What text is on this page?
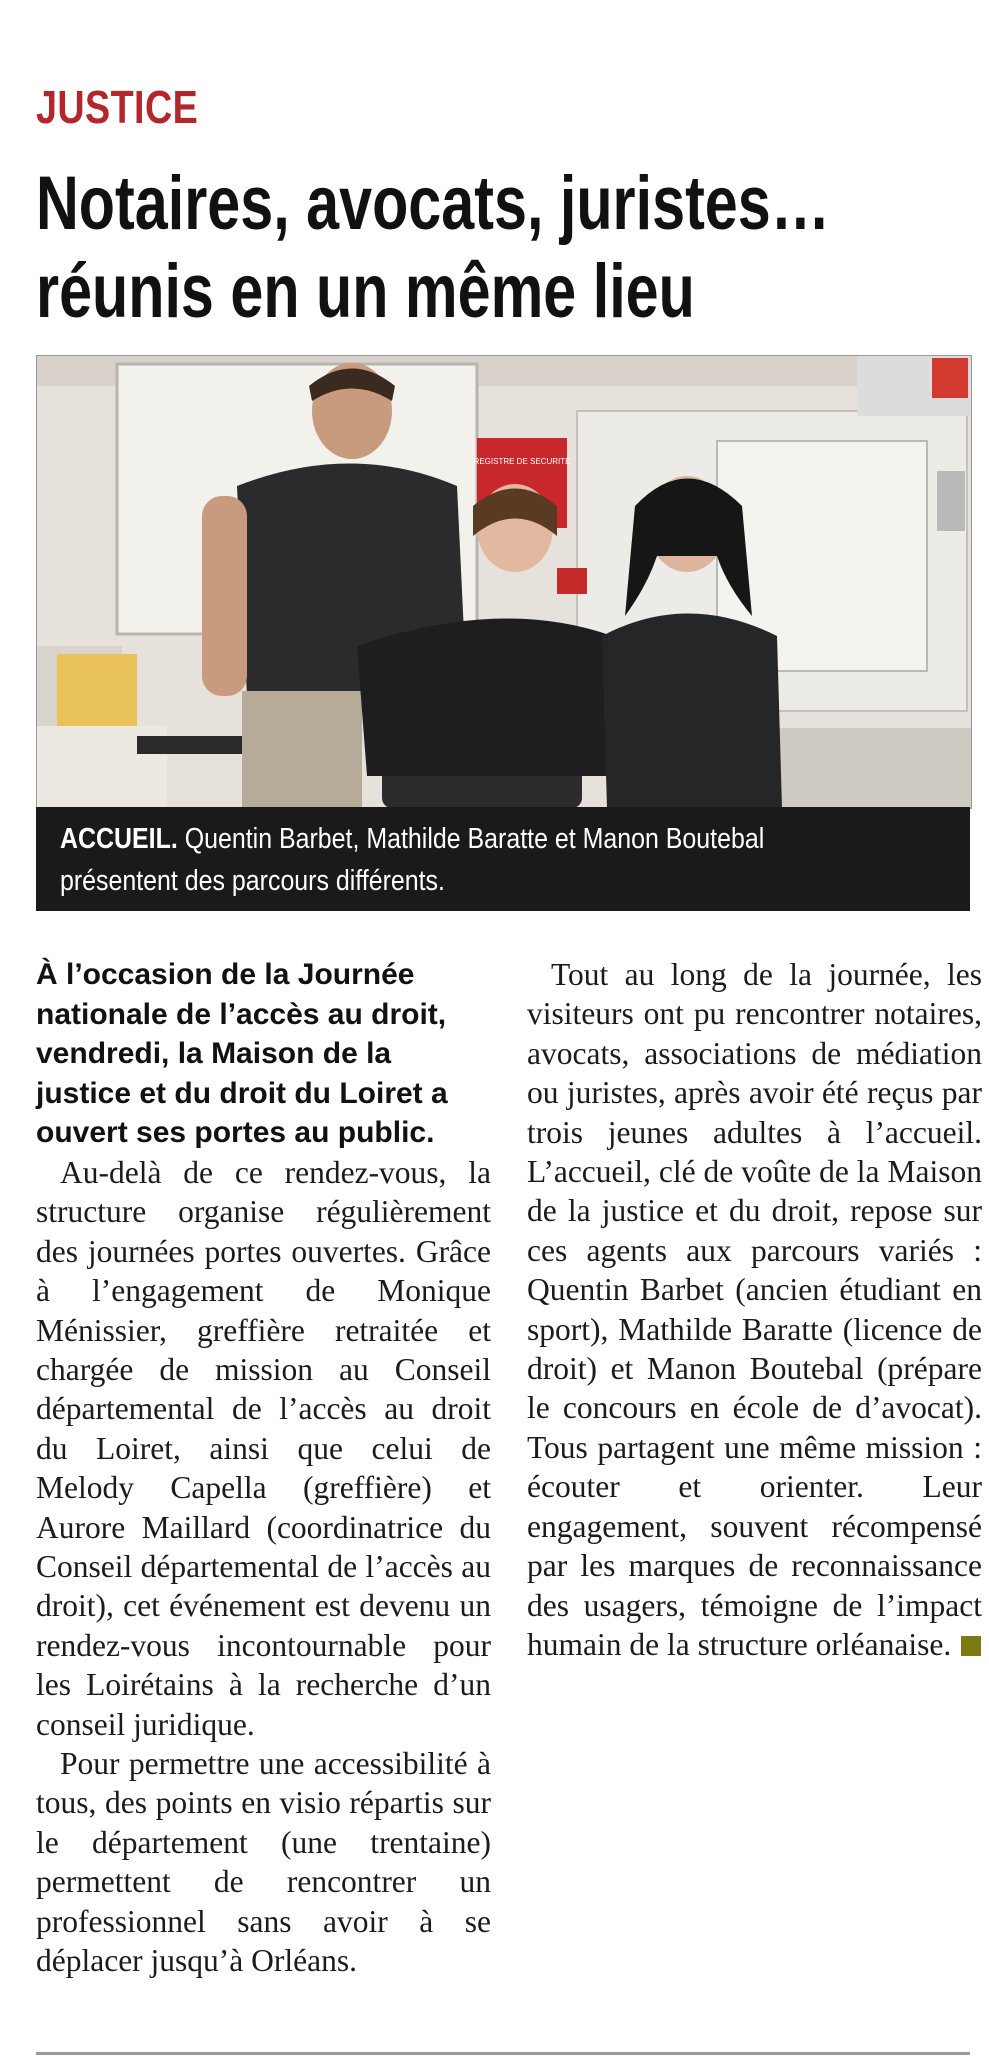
JUSTICE
Notaires, avocats, juristes…
réunis en un même lieu
REGISTRE DE SECURITE
ACCUEIL. Quentin Barbet, Mathilde Baratte et Manon Boutebal
présentent des parcours différents.

À l’occasion de la Journée nationale de l’accès au droit, vendredi, la Maison de la justice et du droit du Loiret a ouvert ses portes au public.

Au-delà de ce rendez-vous, la structure organise régulièrement des journées portes ouvertes. Grâce à l’engagement de Monique Ménissier, greffière retraitée et chargée de mission au Conseil départemental de l’accès au droit du Loiret, ainsi que celui de Melody Capella (greffière) et Aurore Maillard (coordinatrice du Conseil départemental de l’accès au droit), cet événement est devenu un rendez-vous incontournable pour les Loirétains à la recherche d’un conseil juridique.

Pour permettre une accessibilité à tous, des points en visio répartis sur le département (une trentaine) permettent de rencontrer un professionnel sans avoir à se déplacer jusqu’à Orléans.

Tout au long de la journée, les visiteurs ont pu rencontrer notaires, avocats, associations de médiation ou juristes, après avoir été reçus par trois jeunes adultes à l’accueil. L’accueil, clé de voûte de la Maison de la justice et du droit, repose sur ces agents aux parcours variés : Quentin Barbet (ancien étudiant en sport), Mathilde Baratte (licence de droit) et Manon Boutebal (prépare le concours en école de d’avocat). Tous partagent une même mission : écouter et orienter. Leur engagement, souvent récompensé par les marques de reconnaissance des usagers, témoigne de l’impact humain de la structure orléanaise.
